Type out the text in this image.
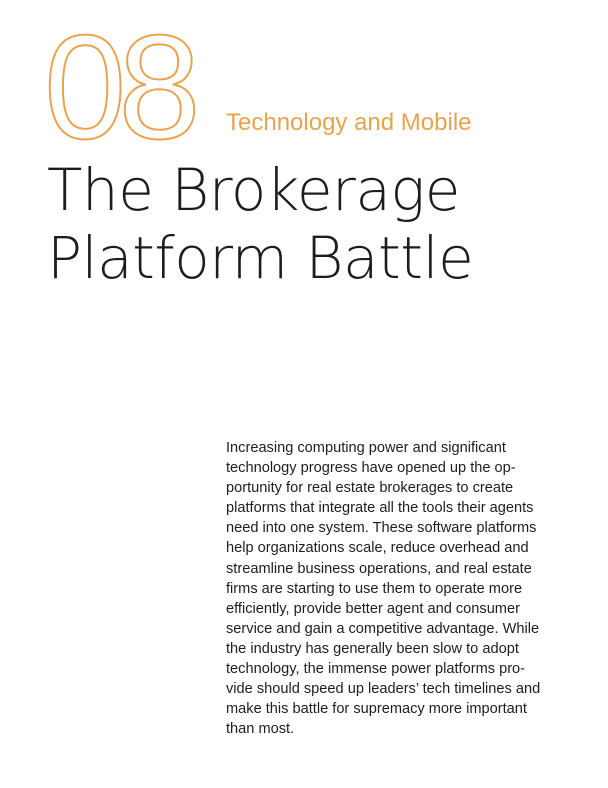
08 Technology and Mobile
The Brokerage
Platform Battle

Increasing computing power and significant
technology progress have opened up the op-
portunity for real estate brokerages to create
platforms that integrate all the tools their agents
need into one system. These software platforms
help organizations scale, reduce overhead and
streamline business operations, and real estate
firms are starting to use them to operate more
efficiently, provide better agent and consumer
service and gain a competitive advantage. While
the industry has generally been slow to adopt
technology, the immense power platforms pro-
vide should speed up leaders’ tech timelines and
make this battle for supremacy more important
than most.
